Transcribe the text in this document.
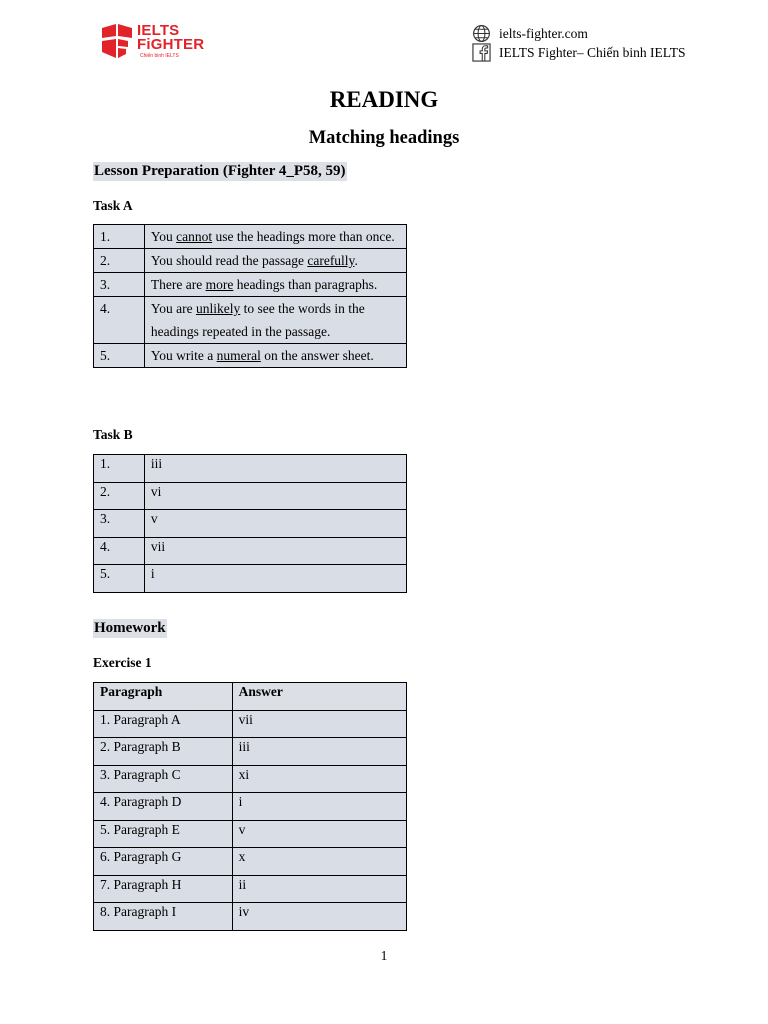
IELTS
FiGHTER
Chiến binh IELTS
ielts-fighter.com
IELTS Fighter– Chiến binh IELTS
READING
Matching headings
Lesson Preparation (Fighter 4_P58, 59)
Task A
1.	You cannot use the headings more than once.
2.	You should read the passage carefully.
3.	There are more headings than paragraphs.
4.	You are unlikely to see the words in the headings repeated in the passage.
5.	You write a numeral on the answer sheet.
Task B
1.	iii
2.	vi
3.	v
4.	vii
5.	i
Homework
Exercise 1
Paragraph	Answer
1. Paragraph A	vii
2. Paragraph B	iii
3. Paragraph C	xi
4. Paragraph D	i
5. Paragraph E	v
6. Paragraph G	x
7. Paragraph H	ii
8. Paragraph I	iv
1
